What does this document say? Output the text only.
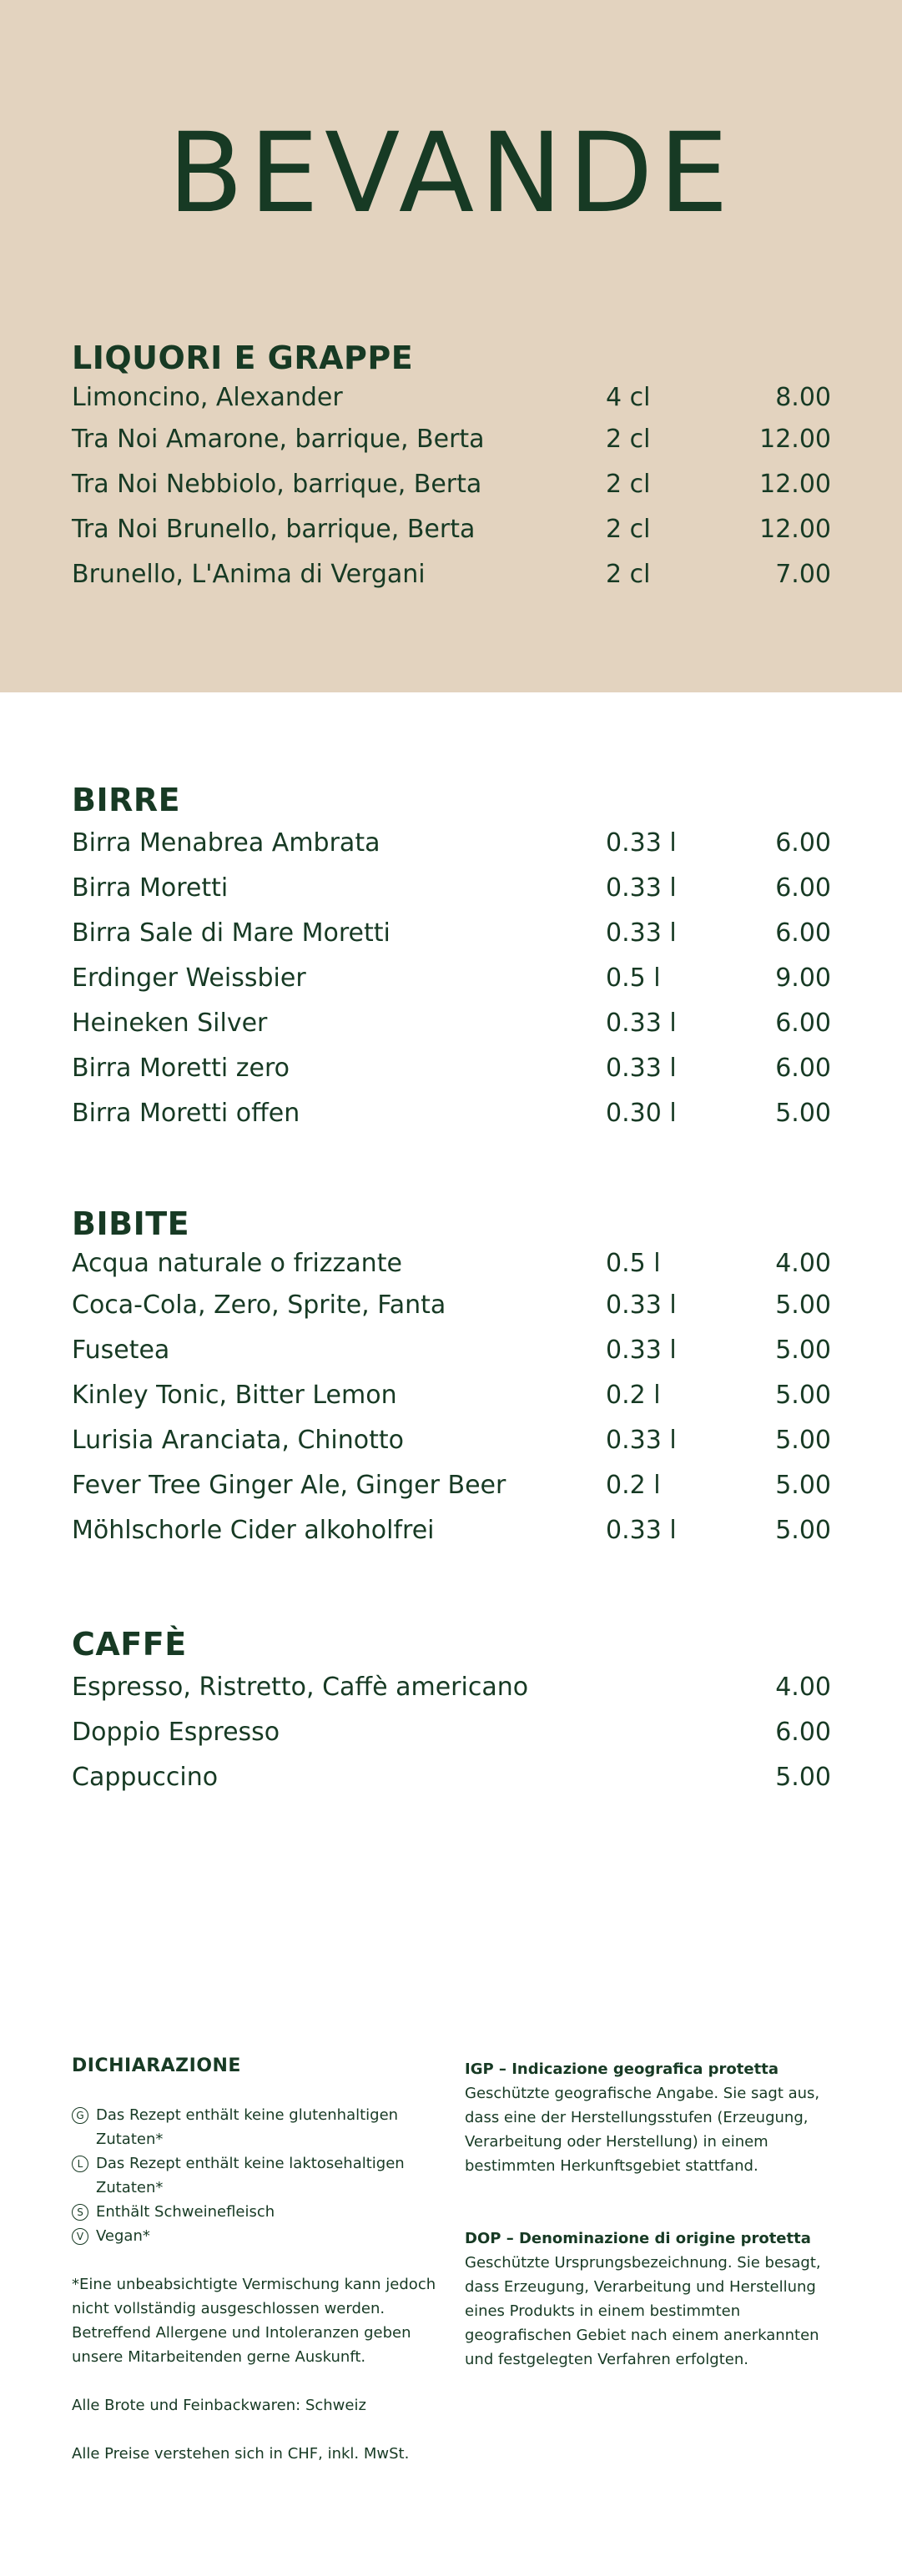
BEVANDE
LIQUORI E GRAPPE
Limoncino, Alexander	4 cl	8.00
Tra Noi Amarone, barrique, Berta	2 cl	12.00
Tra Noi Nebbiolo, barrique, Berta	2 cl	12.00
Tra Noi Brunello, barrique, Berta	2 cl	12.00
Brunello, L'Anima di Vergani	2 cl	7.00
BIRRE
Birra Menabrea Ambrata	0.33 l	6.00
Birra Moretti	0.33 l	6.00
Birra Sale di Mare Moretti	0.33 l	6.00
Erdinger Weissbier	0.5 l	9.00
Heineken Silver	0.33 l	6.00
Birra Moretti zero	0.33 l	6.00
Birra Moretti offen	0.30 l	5.00
BIBITE
Acqua naturale o frizzante	0.5 l	4.00
Coca-Cola, Zero, Sprite, Fanta	0.33 l	5.00
Fusetea	0.33 l	5.00
Kinley Tonic, Bitter Lemon	0.2 l	5.00
Lurisia Aranciata, Chinotto	0.33 l	5.00
Fever Tree Ginger Ale, Ginger Beer	0.2 l	5.00
Möhlschorle Cider alkoholfrei	0.33 l	5.00
CAFFÈ
Espresso, Ristretto, Caffè americano	4.00
Doppio Espresso	6.00
Cappuccino	5.00
DICHIARAZIONE
G Das Rezept enthält keine glutenhaltigen Zutaten*
L Das Rezept enthält keine laktosehaltigen Zutaten*
S Enthält Schweinefleisch
V Vegan*

*Eine unbeabsichtigte Vermischung kann jedoch nicht vollständig ausgeschlossen werden. Betreffend Allergene und Intoleranzen geben unsere Mitarbeitenden gerne Auskunft.

Alle Brote und Feinbackwaren: Schweiz

Alle Preise verstehen sich in CHF, inkl. MwSt.

IGP – Indicazione geografica protetta

Geschützte geografische Angabe. Sie sagt aus, dass eine der Herstellungsstufen (Erzeugung, Verarbeitung oder Herstellung) in einem bestimmten Herkunftsgebiet stattfand.

DOP – Denominazione di origine protetta

Geschützte Ursprungsbezeichnung. Sie besagt, dass Erzeugung, Verarbeitung und Herstellung eines Produkts in einem bestimmten geografischen Gebiet nach einem anerkannten und festgelegten Verfahren erfolgten.
